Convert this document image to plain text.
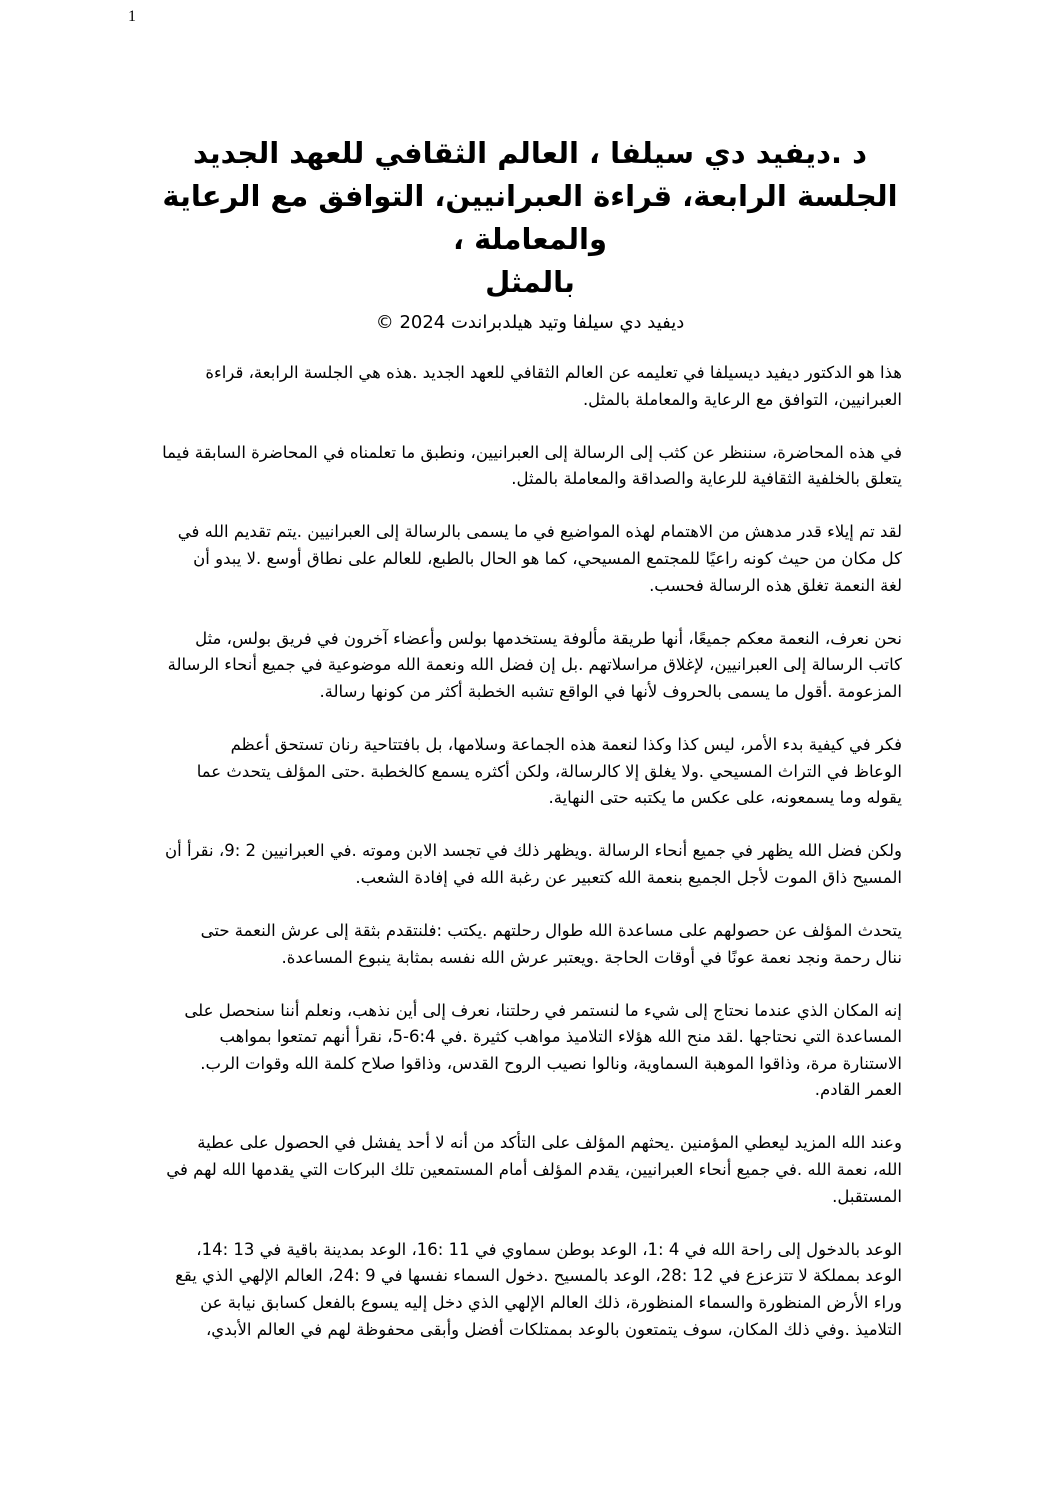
1
د .ديفيد دي سيلفا ، العالم الثقافي للعهد الجديد
الجلسة الرابعة، قراءة العبرانيين، التوافق مع الرعاية والمعاملة ،
بالمثل
ديفيد دي سيلفا وتيد هيلدبراندت 2024 ©
هذا هو الدكتور ديفيد ديسيلفا في تعليمه عن العالم الثقافي للعهد الجديد .هذه هي الجلسة الرابعة، قراءة
العبرانيين، التوافق مع الرعاية والمعاملة بالمثل.
في هذه المحاضرة، سننظر عن كثب إلى الرسالة إلى العبرانيين، ونطبق ما تعلمناه في المحاضرة السابقة فيما
يتعلق بالخلفية الثقافية للرعاية والصداقة والمعاملة بالمثل.
لقد تم إيلاء قدر مدهش من الاهتمام لهذه المواضيع في ما يسمى بالرسالة إلى العبرانيين .يتم تقديم الله في
كل مكان من حيث كونه راعيًا للمجتمع المسيحي، كما هو الحال بالطبع، للعالم على نطاق أوسع .لا يبدو أن
لغة النعمة تغلق هذه الرسالة فحسب.
نحن نعرف، النعمة معكم جميعًا، أنها طريقة مألوفة يستخدمها بولس وأعضاء آخرون في فريق بولس، مثل
كاتب الرسالة إلى العبرانيين، لإغلاق مراسلاتهم .بل إن فضل الله ونعمة الله موضوعية في جميع أنحاء الرسالة
المزعومة .أقول ما يسمى بالحروف لأنها في الواقع تشبه الخطبة أكثر من كونها رسالة.
فكر في كيفية بدء الأمر، ليس كذا وكذا لنعمة هذه الجماعة وسلامها، بل بافتتاحية رنان تستحق أعظم
الوعاظ في التراث المسيحي .ولا يغلق إلا كالرسالة، ولكن أكثره يسمع كالخطبة .حتى المؤلف يتحدث عما
يقوله وما يسمعونه، على عكس ما يكتبه حتى النهاية.
ولكن فضل الله يظهر في جميع أنحاء الرسالة .ويظهر ذلك في تجسد الابن وموته .في العبرانيين 2 :9، نقرأ أن
المسيح ذاق الموت لأجل الجميع بنعمة الله كتعبير عن رغبة الله في إفادة الشعب.
يتحدث المؤلف عن حصولهم على مساعدة الله طوال رحلتهم .يكتب :فلنتقدم بثقة إلى عرش النعمة حتى
ننال رحمة ونجد نعمة عونًا في أوقات الحاجة .ويعتبر عرش الله نفسه بمثابة ينبوع المساعدة.
إنه المكان الذي عندما نحتاج إلى شيء ما لنستمر في رحلتنا، نعرف إلى أين نذهب، ونعلم أننا سنحصل على
المساعدة التي نحتاجها .لقد منح الله هؤلاء التلاميذ مواهب كثيرة .في 6:4-5، نقرأ أنهم تمتعوا بمواهب
الاستنارة مرة، وذاقوا الموهبة السماوية، ونالوا نصيب الروح القدس، وذاقوا صلاح كلمة الله وقوات الرب.
العمر القادم.
وعند الله المزيد ليعطي المؤمنين .يحثهم المؤلف على التأكد من أنه لا أحد يفشل في الحصول على عطية
الله، نعمة الله .في جميع أنحاء العبرانيين، يقدم المؤلف أمام المستمعين تلك البركات التي يقدمها الله لهم في
المستقبل.
الوعد بالدخول إلى راحة الله في 4 :1، الوعد بوطن سماوي في 11 :16، الوعد بمدينة باقية في 13 :14،
الوعد بمملكة لا تتزعزع في 12 :28، الوعد بالمسيح .دخول السماء نفسها في 9 :24، العالم الإلهي الذي يقع
وراء الأرض المنظورة والسماء المنظورة، ذلك العالم الإلهي الذي دخل إليه يسوع بالفعل كسابق نيابة عن
التلاميذ .وفي ذلك المكان، سوف يتمتعون بالوعد بممتلكات أفضل وأبقى محفوظة لهم في العالم الأبدي،
